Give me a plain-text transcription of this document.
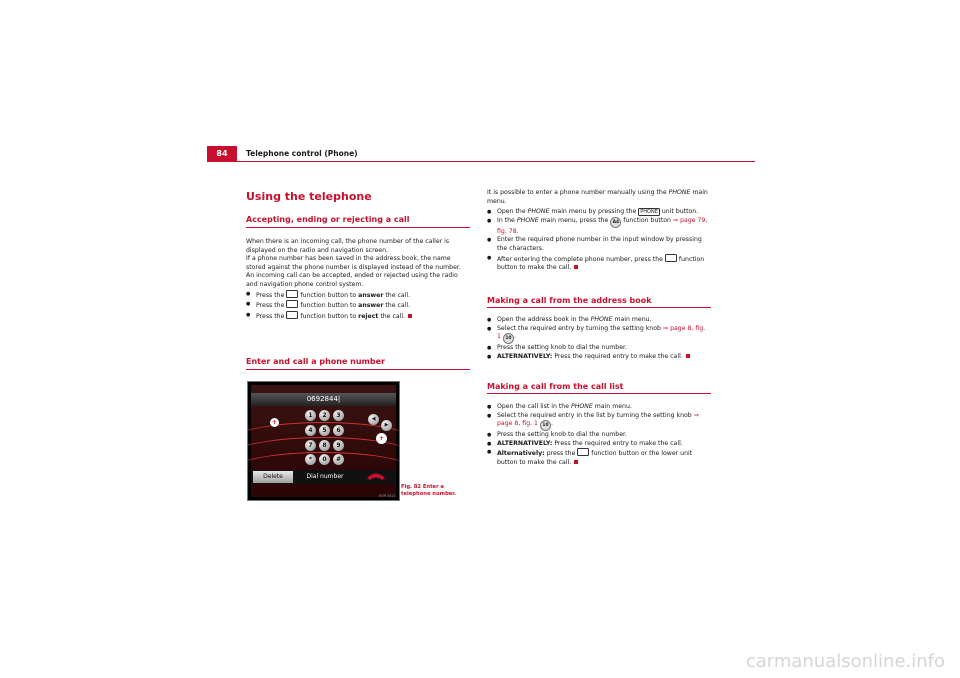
84	Telephone control (Phone)
Using the telephone
Accepting, ending or rejecting a call

When there is an incoming call, the phone number of the caller is displayed on the radio and navigation screen.

If a phone number has been saved in the address book, the name stored against the phone number is displayed instead of the number.

An incoming call can be accepted, ended or rejected using the radio and navigation phone control system.

● Press the	function button to answer the call.
● Press the	function button to answer the call.
● Press the	function button to reject the call.
Enter and call a phone number
0692844|
1	2	3
4	5	6
7	8	9
*	0	#
◀
▶
+
+
Delete	Dial number
B5P-0421
Fig. 82 Enter a telephone number.

It is possible to enter a phone number manually using the PHONE main menu.

● Open the PHONE main menu by pressing the PHONE unit button.
● In the PHONE main menu, press the A4 function button ⇒ page 79, fig. 78.
● Enter the required phone number in the input window by pressing the characters.
● After entering the complete phone number, press the	function button to make the call.
Making a call from the address book
● Open the address book in the PHONE main menu.
● Select the required entry by turning the setting knob ⇒ page 8, fig. 1 10 .
● Press the setting knob to dial the number.
● ALTERNATIVELY: Press the required entry to make the call.
Making a call from the call list
● Open the call list in the PHONE main menu.
● Select the required entry in the list by turning the setting knob ⇒ page 8, fig. 1 10 .
● Press the setting knob to dial the number.
● ALTERNATIVELY: Press the required entry to make the call.
● Alternatively: press the	function button or the lower unit button to make the call.
carmanualsonline.info
